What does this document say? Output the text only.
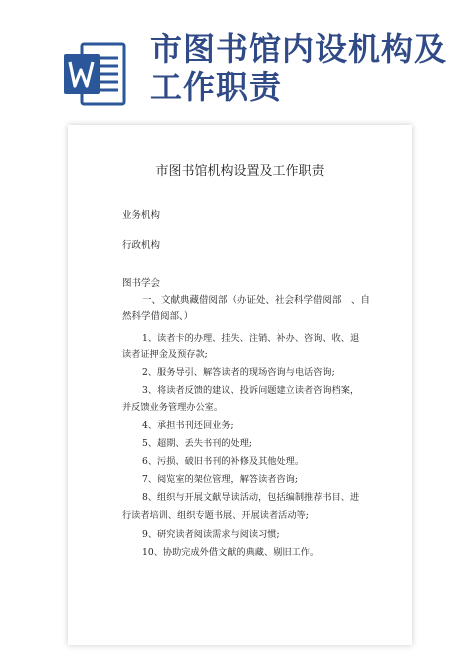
市图书馆内设机构及工作职责
市图书馆机构设置及工作职责

业务机构

行政机构

图书学会

一、文献典藏借阅部（办证处、社会科学借阅部　、自

然科学借阅部、）

1、读者卡的办理、挂失、注销、补办、咨询、收、退

读者证押金及预存款;

2、服务导引、解答读者的现场咨询与电话咨询;

3、将读者反馈的建议、投诉问题建立读者咨询档案，

并反馈业务管理办公室。

4、承担书刊还回业务;

5、超期、丢失书刊的处理;

6、污损、破旧书刊的补修及其他处理。

7、阅览室的架位管理，解答读者咨询;

8、组织与开展文献导读活动，包括编制推荐书目、进

行读者培训、组织专题书展、开展读者活动等;

9、研究读者阅读需求与阅读习惯;

10、协助完成外借文献的典藏、剔旧工作。
